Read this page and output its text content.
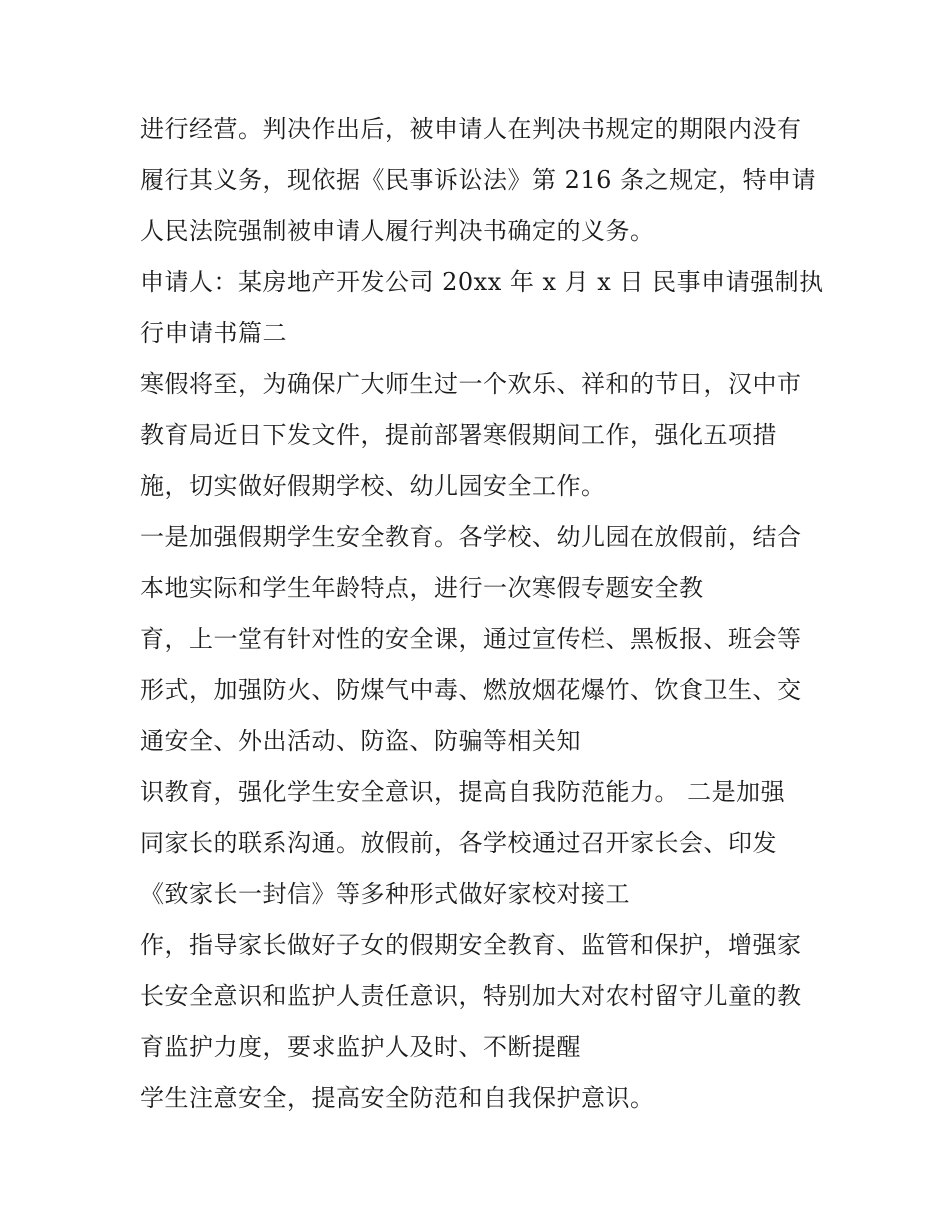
进行经营。判决作出后，被申请人在判决书规定的期限内没有
履行其义务，现依据《民事诉讼法》第 216 条之规定，特申请
人民法院强制被申请人履行判决书确定的义务。
申请人：某房地产开发公司 20xx 年 x 月 x 日 民事申请强制执
行申请书篇二
寒假将至，为确保广大师生过一个欢乐、祥和的节日，汉中市
教育局近日下发文件，提前部署寒假期间工作，强化五项措
施，切实做好假期学校、幼儿园安全工作。
一是加强假期学生安全教育。各学校、幼儿园在放假前，结合
本地实际和学生年龄特点，进行一次寒假专题安全教
育，上一堂有针对性的安全课，通过宣传栏、黑板报、班会等
形式，加强防火、防煤气中毒、燃放烟花爆竹、饮食卫生、交
通安全、外出活动、防盗、防骗等相关知
识教育，强化学生安全意识，提高自我防范能力。 二是加强
同家长的联系沟通。放假前，各学校通过召开家长会、印发
《致家长一封信》等多种形式做好家校对接工
作，指导家长做好子女的假期安全教育、监管和保护，增强家
长安全意识和监护人责任意识，特别加大对农村留守儿童的教
育监护力度，要求监护人及时、不断提醒
学生注意安全，提高安全防范和自我保护意识。
